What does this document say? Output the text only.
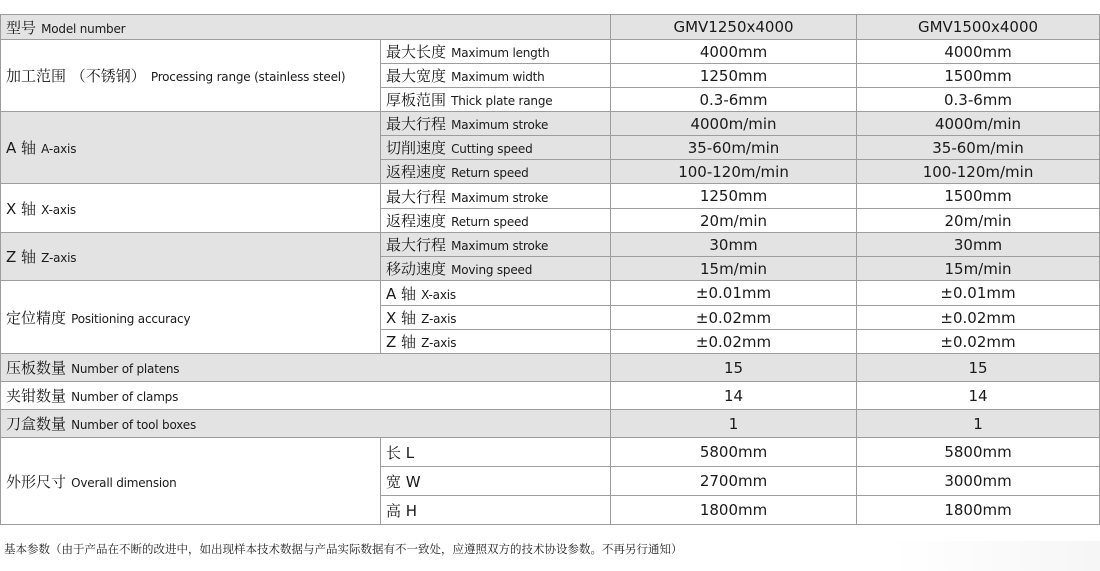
型号 Model number		GMV1250x4000	GMV1500x4000
加工范围 （不锈钢） Processing range (stainless steel)	最大长度 Maximum length	4000mm	4000mm
	最大宽度 Maximum width	1250mm	1500mm
	厚板范围 Thick plate range	0.3-6mm	0.3-6mm
A 轴 A-axis	最大行程 Maximum stroke	4000m/min	4000m/min
	切削速度 Cutting speed	35-60m/min	35-60m/min
	返程速度 Return speed	100-120m/min	100-120m/min
X 轴 X-axis	最大行程 Maximum stroke	1250mm	1500mm
	返程速度 Return speed	20m/min	20m/min
Z 轴 Z-axis	最大行程 Maximum stroke	30mm	30mm
	移动速度 Moving speed	15m/min	15m/min
定位精度 Positioning accuracy	A 轴 X-axis	±0.01mm	±0.01mm
	X 轴 Z-axis	±0.02mm	±0.02mm
	Z 轴 Z-axis	±0.02mm	±0.02mm
压板数量 Number of platens		15	15
夹钳数量 Number of clamps		14	14
刀盒数量 Number of tool boxes		1	1
外形尺寸 Overall dimension	长 L	5800mm	5800mm
	宽 W	2700mm	3000mm
	高 H	1800mm	1800mm
基本参数（由于产品在不断的改进中，如出现样本技术数据与产品实际数据有不一致处，应遵照双方的技术协设参数。不再另行通知）
